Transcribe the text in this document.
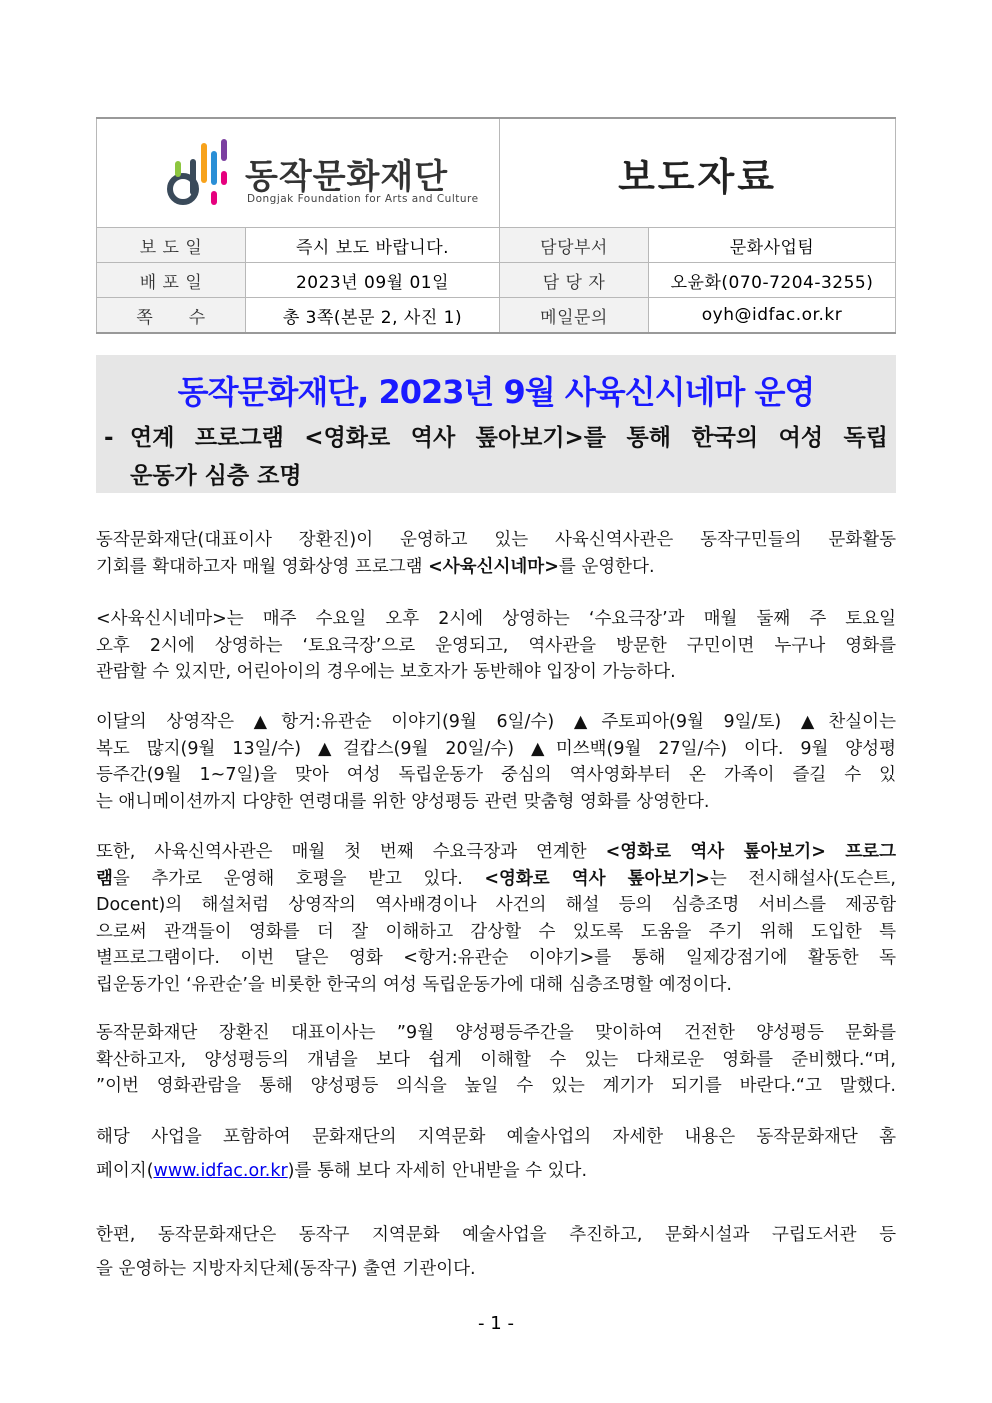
동작문화재단
Dongjak Foundation for Arts and Culture		보도자료	
보 도 일	즉시 보도 바랍니다.	담당부서	문화사업팀
배 포 일	2023년 09월 01일	담 당 자	오윤화(070-7204-3255)
쪽      수	총 3쪽(본문 2, 사진 1)	메일문의	oyh@idfac.or.kr
동작문화재단, 2023년 9월 사육신시네마 운영
- 연계 프로그램 <영화로 역사 톺아보기>를 통해 한국의 여성 독립
운동가 심층 조명
동작문화재단(대표이사 장환진)이 운영하고 있는 사육신역사관은 동작구민들의 문화활동
기회를 확대하고자 매월 영화상영 프로그램 <사육신시네마>를 운영한다.
<사육신시네마>는 매주 수요일 오후 2시에 상영하는 ‘수요극장’과 매월 둘째 주 토요일
오후 2시에 상영하는 ‘토요극장’으로 운영되고, 역사관을 방문한 구민이면 누구나 영화를
관람할 수 있지만, 어린아이의 경우에는 보호자가 동반해야 입장이 가능하다.
이달의 상영작은 ▲항거:유관순 이야기(9월 6일/수) ▲주토피아(9월 9일/토) ▲찬실이는
복도 많지(9월 13일/수) ▲걸캅스(9월 20일/수) ▲미쓰백(9월 27일/수) 이다. 9월 양성평
등주간(9월 1~7일)을 맞아 여성 독립운동가 중심의 역사영화부터 온 가족이 즐길 수 있
는 애니메이션까지 다양한 연령대를 위한 양성평등 관련 맞춤형 영화를 상영한다.
또한, 사육신역사관은 매월 첫 번째 수요극장과 연계한 <영화로 역사 톺아보기> 프로그
램을 추가로 운영해 호평을 받고 있다. <영화로 역사 톺아보기>는 전시해설사(도슨트,
Docent)의 해설처럼 상영작의 역사배경이나 사건의 해설 등의 심층조명 서비스를 제공함
으로써 관객들이 영화를 더 잘 이해하고 감상할 수 있도록 도움을 주기 위해 도입한 특
별프로그램이다. 이번 달은 영화 <항거:유관순 이야기>를 통해 일제강점기에 활동한 독
립운동가인 ‘유관순’을 비롯한 한국의 여성 독립운동가에 대해 심층조명할 예정이다.
동작문화재단 장환진 대표이사는 ”9월 양성평등주간을 맞이하여 건전한 양성평등 문화를
확산하고자, 양성평등의 개념을 보다 쉽게 이해할 수 있는 다채로운 영화를 준비했다.“며,
”이번 영화관람을 통해 양성평등 의식을 높일 수 있는 계기가 되기를 바란다.“고 말했다.
해당 사업을 포함하여 문화재단의 지역문화 예술사업의 자세한 내용은 동작문화재단 홈
페이지(www.idfac.or.kr)를 통해 보다 자세히 안내받을 수 있다.
한편, 동작문화재단은 동작구 지역문화 예술사업을 추진하고, 문화시설과 구립도서관 등
을 운영하는 지방자치단체(동작구) 출연 기관이다.
- 1 -
